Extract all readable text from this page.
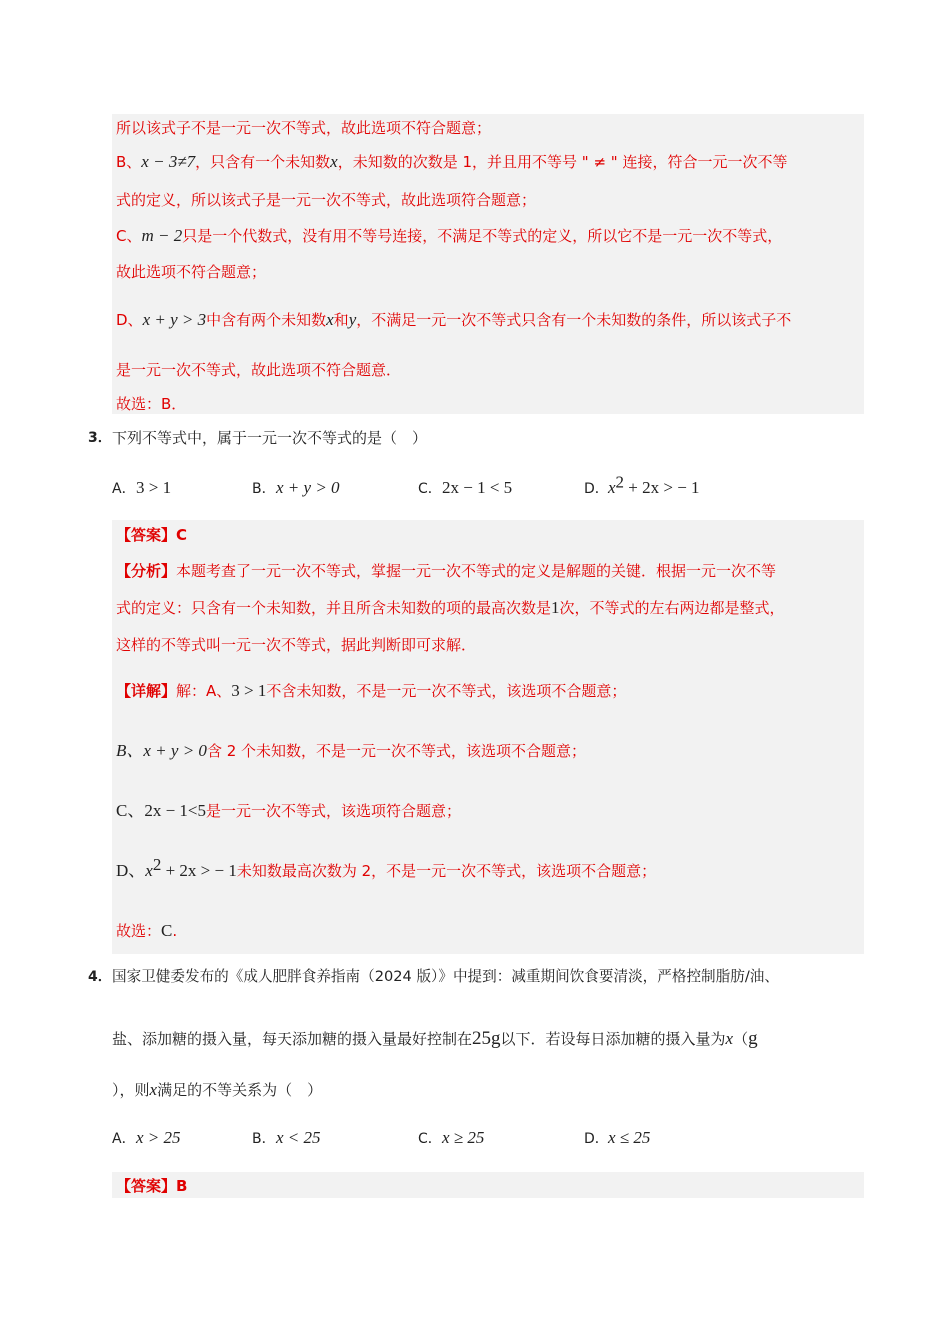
所以该式子不是一元一次不等式，故此选项不符合题意；
B、x − 3≠7，只含有一个未知数x，未知数的次数是 1，并且用不等号 " ≠ " 连接，符合一元一次不等
式的定义，所以该式子是一元一次不等式，故此选项符合题意；
C、m − 2只是一个代数式，没有用不等号连接，不满足不等式的定义，所以它不是一元一次不等式，
故此选项不符合题意；
D、x + y > 3中含有两个未知数x和y，不满足一元一次不等式只含有一个未知数的条件，所以该式子不
是一元一次不等式，故此选项不符合题意．
故选：B．
3． 下列不等式中，属于一元一次不等式的是（　）
A．3 > 1	B．x + y > 0	C．2x − 1 < 5	D．$x^2 + 2x$ > − 1
【答案】C
【分析】本题考查了一元一次不等式，掌握一元一次不等式的定义是解题的关键．根据一元一次不等
式的定义：只含有一个未知数，并且所含未知数的项的最高次数是1次，不等式的左右两边都是整式，
这样的不等式叫一元一次不等式，据此判断即可求解．
【详解】解：A、3 > 1不含未知数，不是一元一次不等式，该选项不合题意；
B、x + y > 0含 2 个未知数，不是一元一次不等式，该选项不合题意；
C、2x − 1<5是一元一次不等式，该选项符合题意；
D、$x^2 + 2x$ > − 1未知数最高次数为 2，不是一元一次不等式，该选项不合题意；
故选：C.
4． 国家卫健委发布的《成人肥胖食养指南（2024 版）》中提到：减重期间饮食要清淡，严格控制脂肪/油、
盐、添加糖的摄入量，每天添加糖的摄入量最好控制在25g以下．若设每日添加糖的摄入量为x（g
），则x满足的不等关系为（　）
A．x > 25	B．x < 25	C．x ≥ 25	D．x ≤ 25
【答案】B
